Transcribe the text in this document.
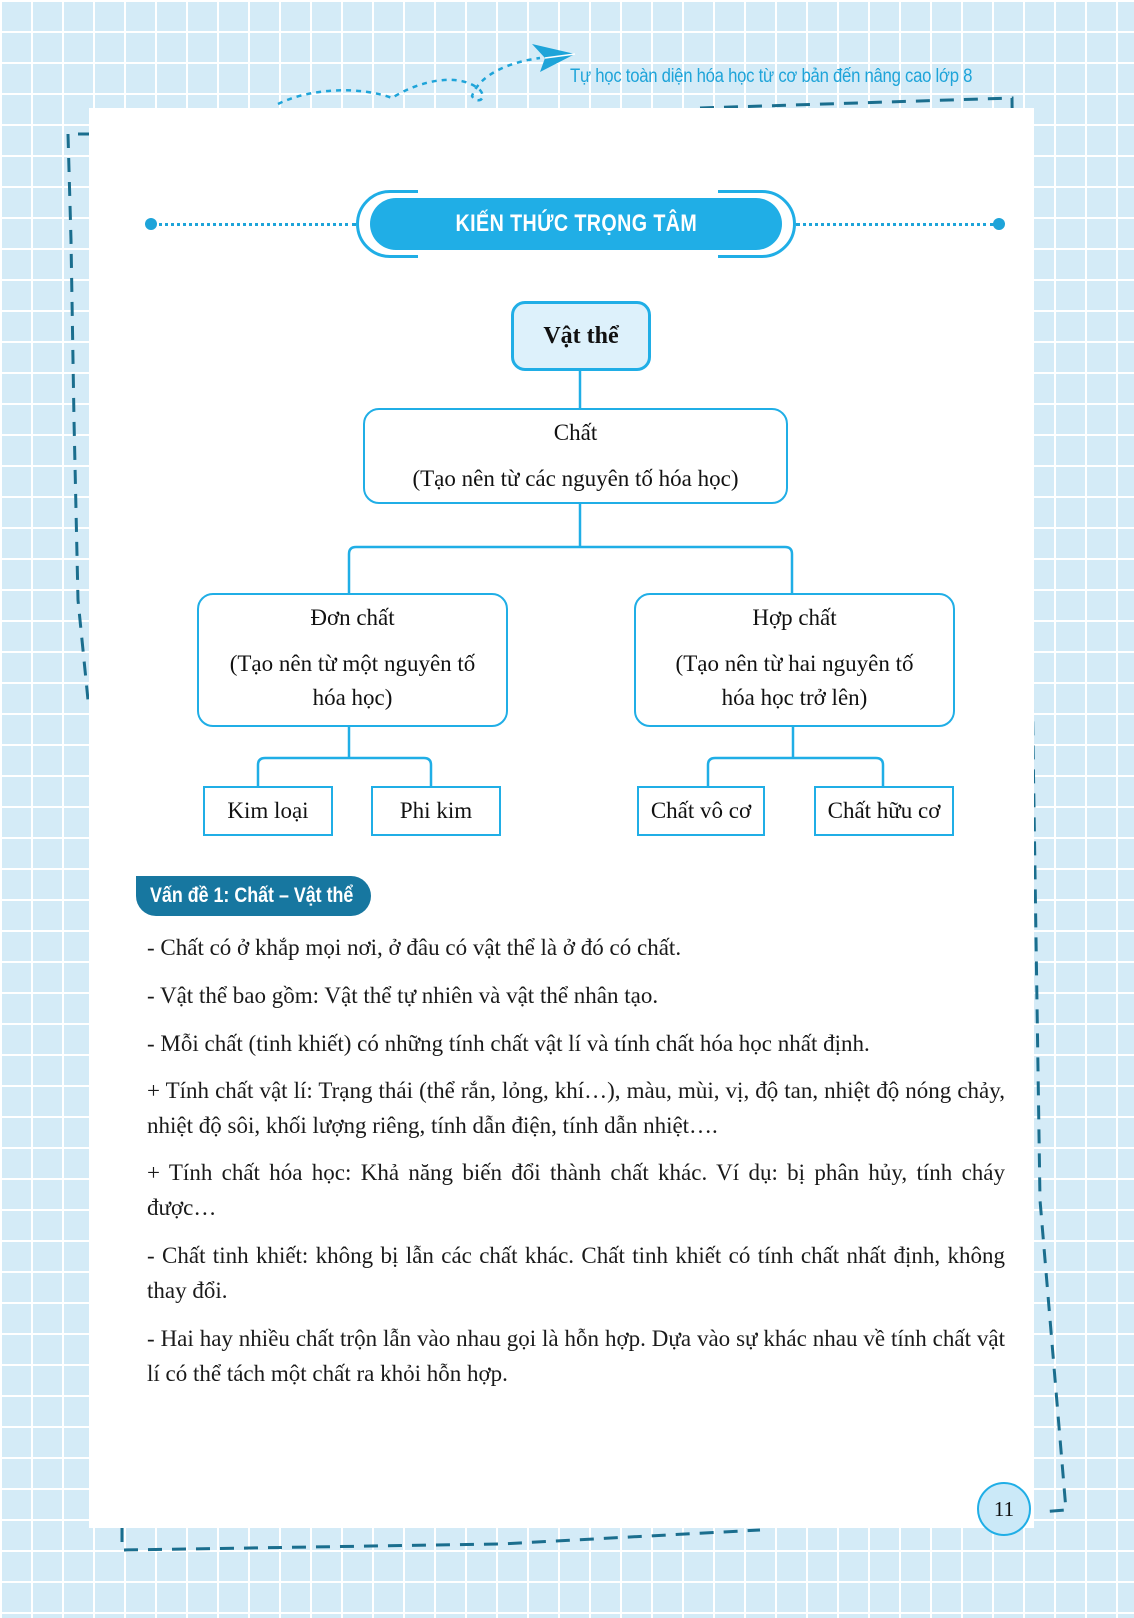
Tự học toàn diện hóa học từ cơ bản đến nâng cao lớp 8
KIẾN THỨC TRỌNG TÂM
Vật thể
Chất
(Tạo nên từ các nguyên tố hóa học)
Đơn chất
(Tạo nên từ một nguyên tố
hóa học)
Hợp chất
(Tạo nên từ hai nguyên tố
hóa học trở lên)
Kim loại	Phi kim	Chất vô cơ	Chất hữu cơ
Vấn đề 1: Chất – Vật thể

- Chất có ở khắp mọi nơi, ở đâu có vật thể là ở đó có chất.

- Vật thể bao gồm: Vật thể tự nhiên và vật thể nhân tạo.

- Mỗi chất (tinh khiết) có những tính chất vật lí và tính chất hóa học nhất định.

+ Tính chất vật lí: Trạng thái (thể rắn, lỏng, khí…), màu, mùi, vị, độ tan, nhiệt độ nóng chảy, nhiệt độ sôi, khối lượng riêng, tính dẫn điện, tính dẫn nhiệt….

+ Tính chất hóa học: Khả năng biến đổi thành chất khác. Ví dụ: bị phân hủy, tính cháy được…

- Chất tinh khiết: không bị lẫn các chất khác. Chất tinh khiết có tính chất nhất định, không thay đổi.

- Hai hay nhiều chất trộn lẫn vào nhau gọi là hỗn hợp. Dựa vào sự khác nhau về tính chất vật lí có thể tách một chất ra khỏi hỗn hợp.

11
